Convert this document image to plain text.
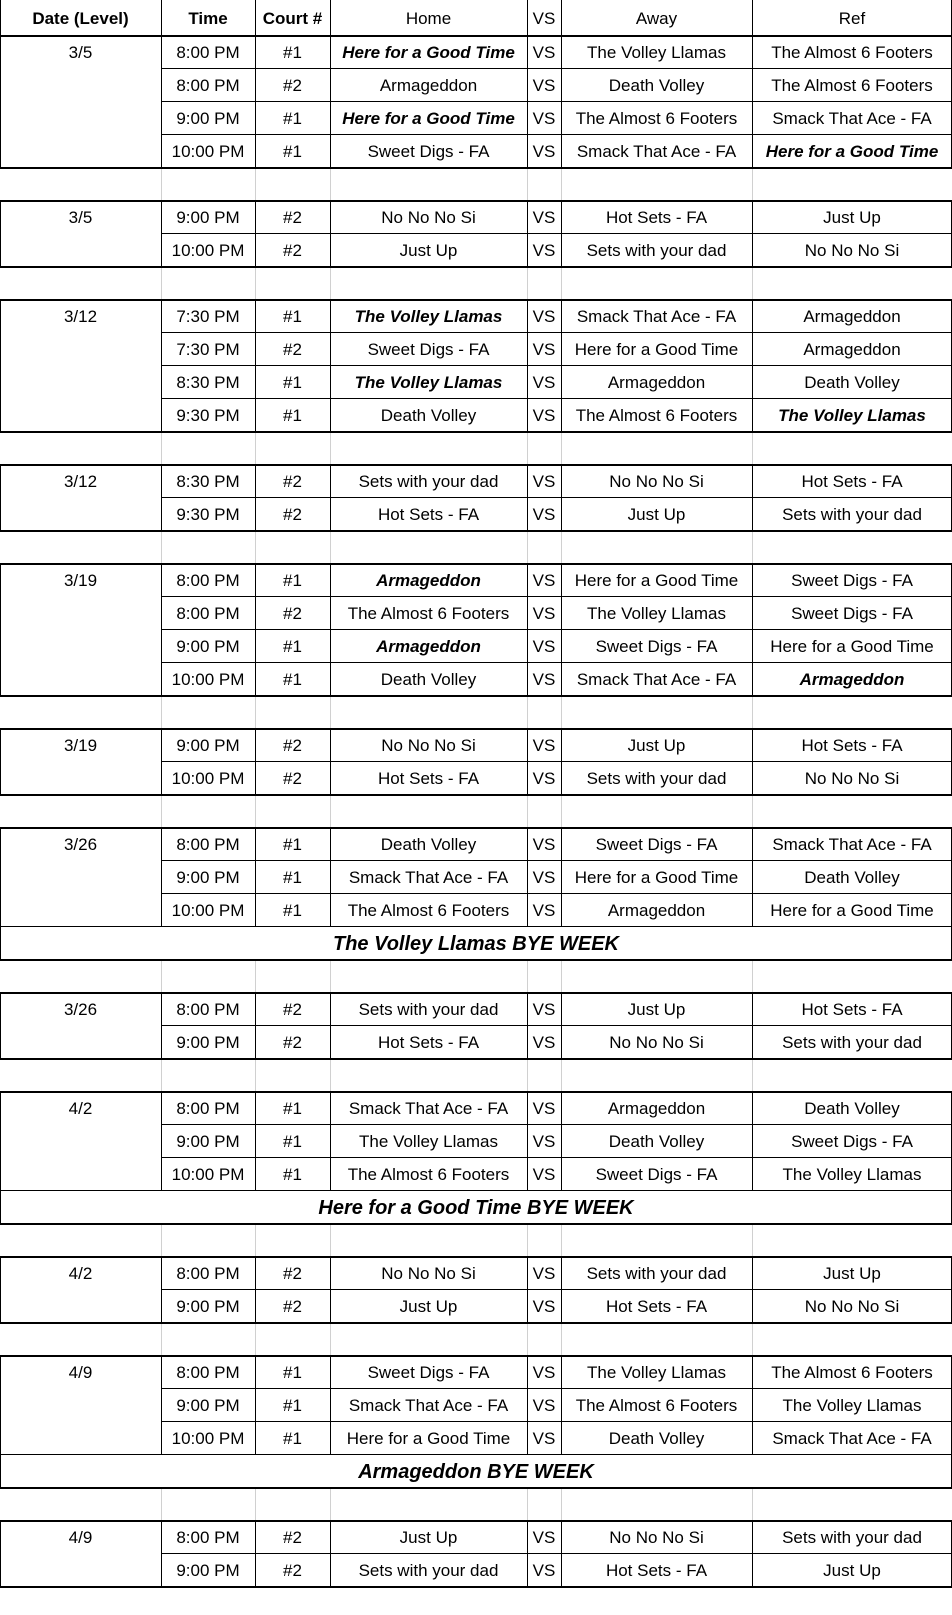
Date (Level)	Time	Court #	Home	VS	Away	Ref
3/5	8:00 PM	#1	Here for a Good Time	VS	The Volley Llamas	The Almost 6 Footers
8:00 PM	#2	Armageddon	VS	Death Volley	The Almost 6 Footers
9:00 PM	#1	Here for a Good Time	VS	The Almost 6 Footers	Smack That Ace - FA
10:00 PM	#1	Sweet Digs - FA	VS	Smack That Ace - FA	Here for a Good Time
3/5	9:00 PM	#2	No No No Si	VS	Hot Sets - FA	Just Up
10:00 PM	#2	Just Up	VS	Sets with your dad	No No No Si
3/12	7:30 PM	#1	The Volley Llamas	VS	Smack That Ace - FA	Armageddon
7:30 PM	#2	Sweet Digs - FA	VS	Here for a Good Time	Armageddon
8:30 PM	#1	The Volley Llamas	VS	Armageddon	Death Volley
9:30 PM	#1	Death Volley	VS	The Almost 6 Footers	The Volley Llamas
3/12	8:30 PM	#2	Sets with your dad	VS	No No No Si	Hot Sets - FA
9:30 PM	#2	Hot Sets - FA	VS	Just Up	Sets with your dad
3/19	8:00 PM	#1	Armageddon	VS	Here for a Good Time	Sweet Digs - FA
8:00 PM	#2	The Almost 6 Footers	VS	The Volley Llamas	Sweet Digs - FA
9:00 PM	#1	Armageddon	VS	Sweet Digs - FA	Here for a Good Time
10:00 PM	#1	Death Volley	VS	Smack That Ace - FA	Armageddon
3/19	9:00 PM	#2	No No No Si	VS	Just Up	Hot Sets - FA
10:00 PM	#2	Hot Sets - FA	VS	Sets with your dad	No No No Si
3/26	8:00 PM	#1	Death Volley	VS	Sweet Digs - FA	Smack That Ace - FA
9:00 PM	#1	Smack That Ace - FA	VS	Here for a Good Time	Death Volley
10:00 PM	#1	The Almost 6 Footers	VS	Armageddon	Here for a Good Time
The Volley Llamas BYE WEEK
3/26	8:00 PM	#2	Sets with your dad	VS	Just Up	Hot Sets - FA
9:00 PM	#2	Hot Sets - FA	VS	No No No Si	Sets with your dad
4/2	8:00 PM	#1	Smack That Ace - FA	VS	Armageddon	Death Volley
9:00 PM	#1	The Volley Llamas	VS	Death Volley	Sweet Digs - FA
10:00 PM	#1	The Almost 6 Footers	VS	Sweet Digs - FA	The Volley Llamas
Here for a Good Time BYE WEEK
4/2	8:00 PM	#2	No No No Si	VS	Sets with your dad	Just Up
9:00 PM	#2	Just Up	VS	Hot Sets - FA	No No No Si
4/9	8:00 PM	#1	Sweet Digs - FA	VS	The Volley Llamas	The Almost 6 Footers
9:00 PM	#1	Smack That Ace - FA	VS	The Almost 6 Footers	The Volley Llamas
10:00 PM	#1	Here for a Good Time	VS	Death Volley	Smack That Ace - FA
Armageddon BYE WEEK
4/9	8:00 PM	#2	Just Up	VS	No No No Si	Sets with your dad
9:00 PM	#2	Sets with your dad	VS	Hot Sets - FA	Just Up
